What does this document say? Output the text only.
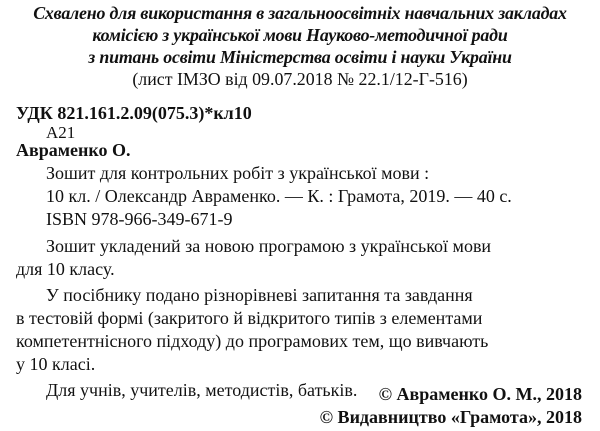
Схвалено для використання в загальноосвітніх навчальних закладах
комісією з української мови Науково-методичної ради
з питань освіти Міністерства освіти і науки України
(лист ІМЗО від 09.07.2018 № 22.1/12-Г-516)
УДК 821.161.2.09(075.3)*кл10
А21
Авраменко О.
Зошит для контрольних робіт з української мови :
10 кл. / Олександр Авраменко. — К. : Грамота, 2019. — 40 с.
ISBN 978-966-349-671-9
Зошит укладений за новою програмою з української мови
для 10 класу.
У посібнику подано різнорівневі запитання та завдання
в тестовій формі (закритого й відкритого типів з елементами
компетентнісного підходу) до програмових тем, що вивчають
у 10 класі.
Для учнів, учителів, методистів, батьків. © Авраменко О. М., 2018
© Видавництво «Грамота», 2018
